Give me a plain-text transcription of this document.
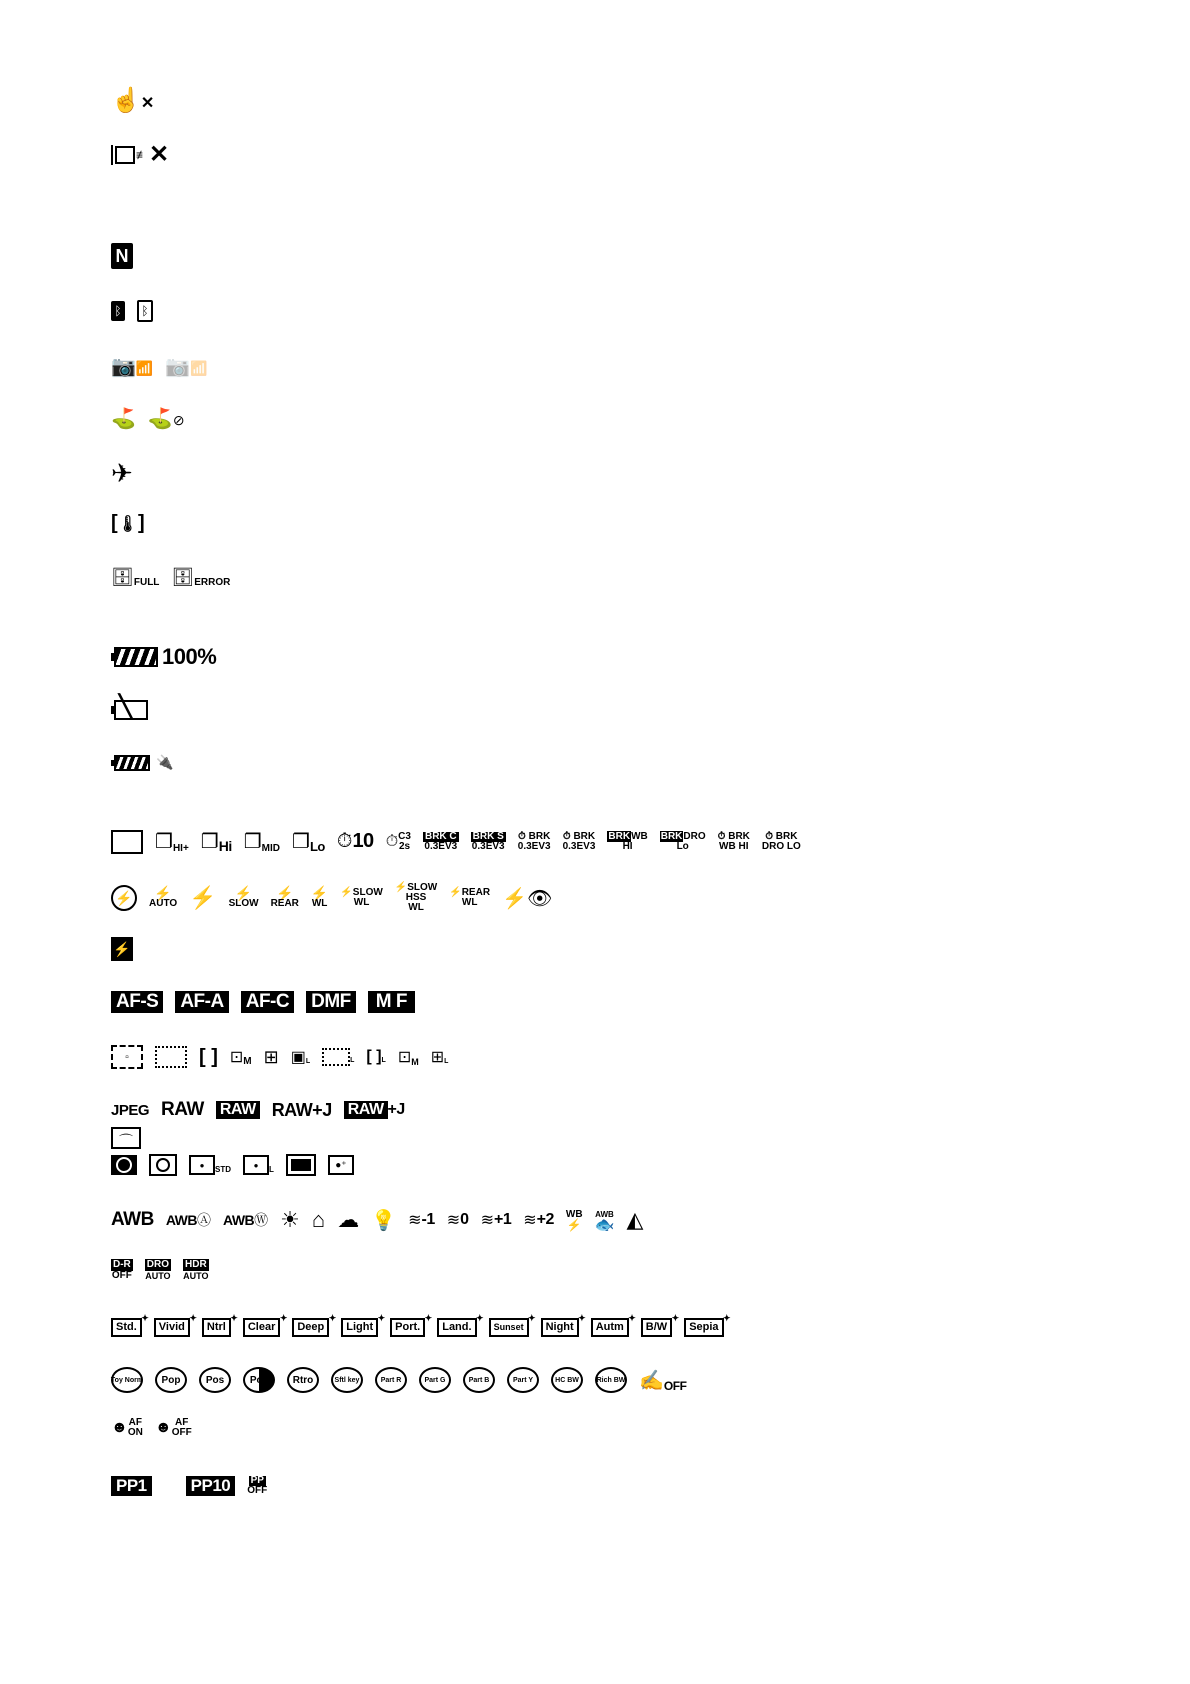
☝✕
≢ ✕
N
ᛒ	ᛒ
📷📶 📷📶
⛳ ⛳⊘
✈
[ 🌡 ]
🗄 FULL 🗄 ERROR
100%
╲
🔌
❐ HI+ ❐ Hi ❐ MID ❐ Lo ⏱ 10 ⏱ C3
2s
BRK C
0.3EV3
BRK S
0.3EV3
⏱ BRK
0.3EV3
⏱ BRK
0.3EV3
BRKWB
HI
BRKDRO
Lo
⏱ BRK
WB HI
⏱ BRK
DRO LO
⚡	⚡
AUTO ⚡ ⚡
SLOW
⚡
REAR
⚡
WL
⚡SLOW
WL
⚡SLOW
HSS
WL
⚡REAR
WL ⚡👁
⚡
AF-S AF-A AF-C DMF	M F
▫	[ ] ⊡ M ⊞ ▣ L	L [ ] L ⊡ M ⊞ L
JPEG RAW RAW RAW+J RAW +J
⌒
●	STD	●	L	●⁺
AWB AWB Ⓐ AWB Ⓦ ☀ ⌂ ☁ 💡 ≋ -1 ≋ 0 ≋ +1 ≋ +2 WB
⚡
AWB
🐟 ◭
D-R
OFF
DRO
AUTO
HDR
AUTO
Std. ✦	Vivid ✦	Ntrl ✦	Clear ✦	Deep ✦	Light ✦	Port. ✦	Land. ✦	Sunset ✦	Night ✦	Autm ✦	B/W ✦	Sepia ✦
Toy Norm	Pop	Pos	Pos	Rtro	Sftl key	Part R	Part G	Part B	Part Y	HC BW	Rich BW ✍ OFF
☻ AF
ON ☻ AF
OFF
PP1	PP10	PP
OFF
